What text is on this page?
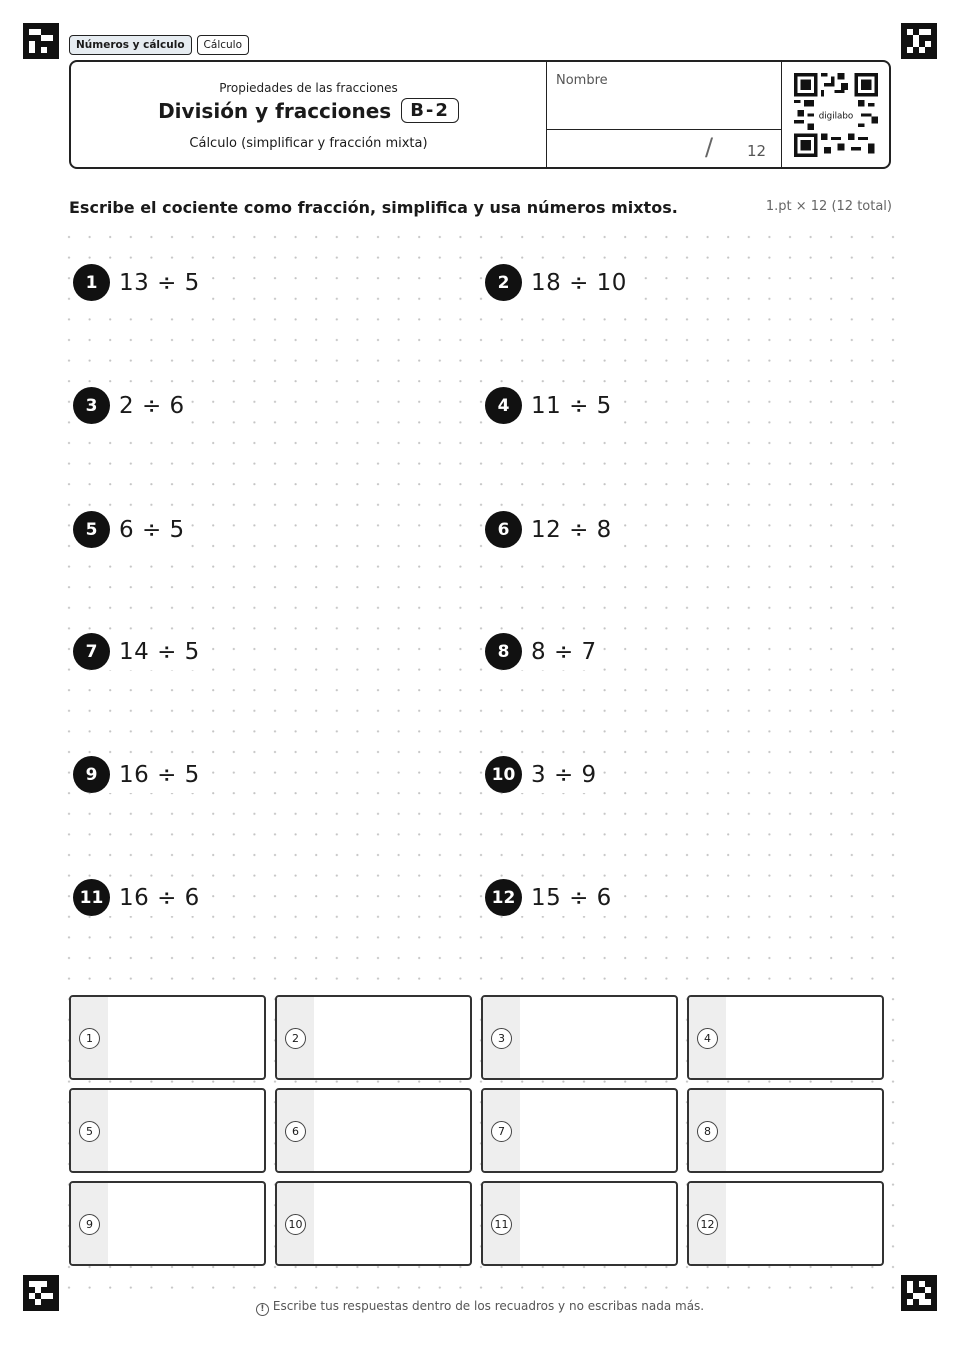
Números y cálculo	Cálculo
Propiedades de las fracciones
División y fracciones	B-2
Cálculo (simplificar y fracción mixta)
Nombre
/ 12
digilabo
Escribe el cociente como fracción, simplifica y usa números mixtos.	1.pt × 12 (12 total)
1 13 ÷ 5	2 18 ÷ 10
3 2 ÷ 6	4 11 ÷ 5
5 6 ÷ 5	6 12 ÷ 8
7 14 ÷ 5	8 8 ÷ 7
9 16 ÷ 5	10 3 ÷ 9
11 16 ÷ 6	12 15 ÷ 6
1	2	3	4
5	6	7	8
9	10	11	12
! Escribe tus respuestas dentro de los recuadros y no escribas nada más.
